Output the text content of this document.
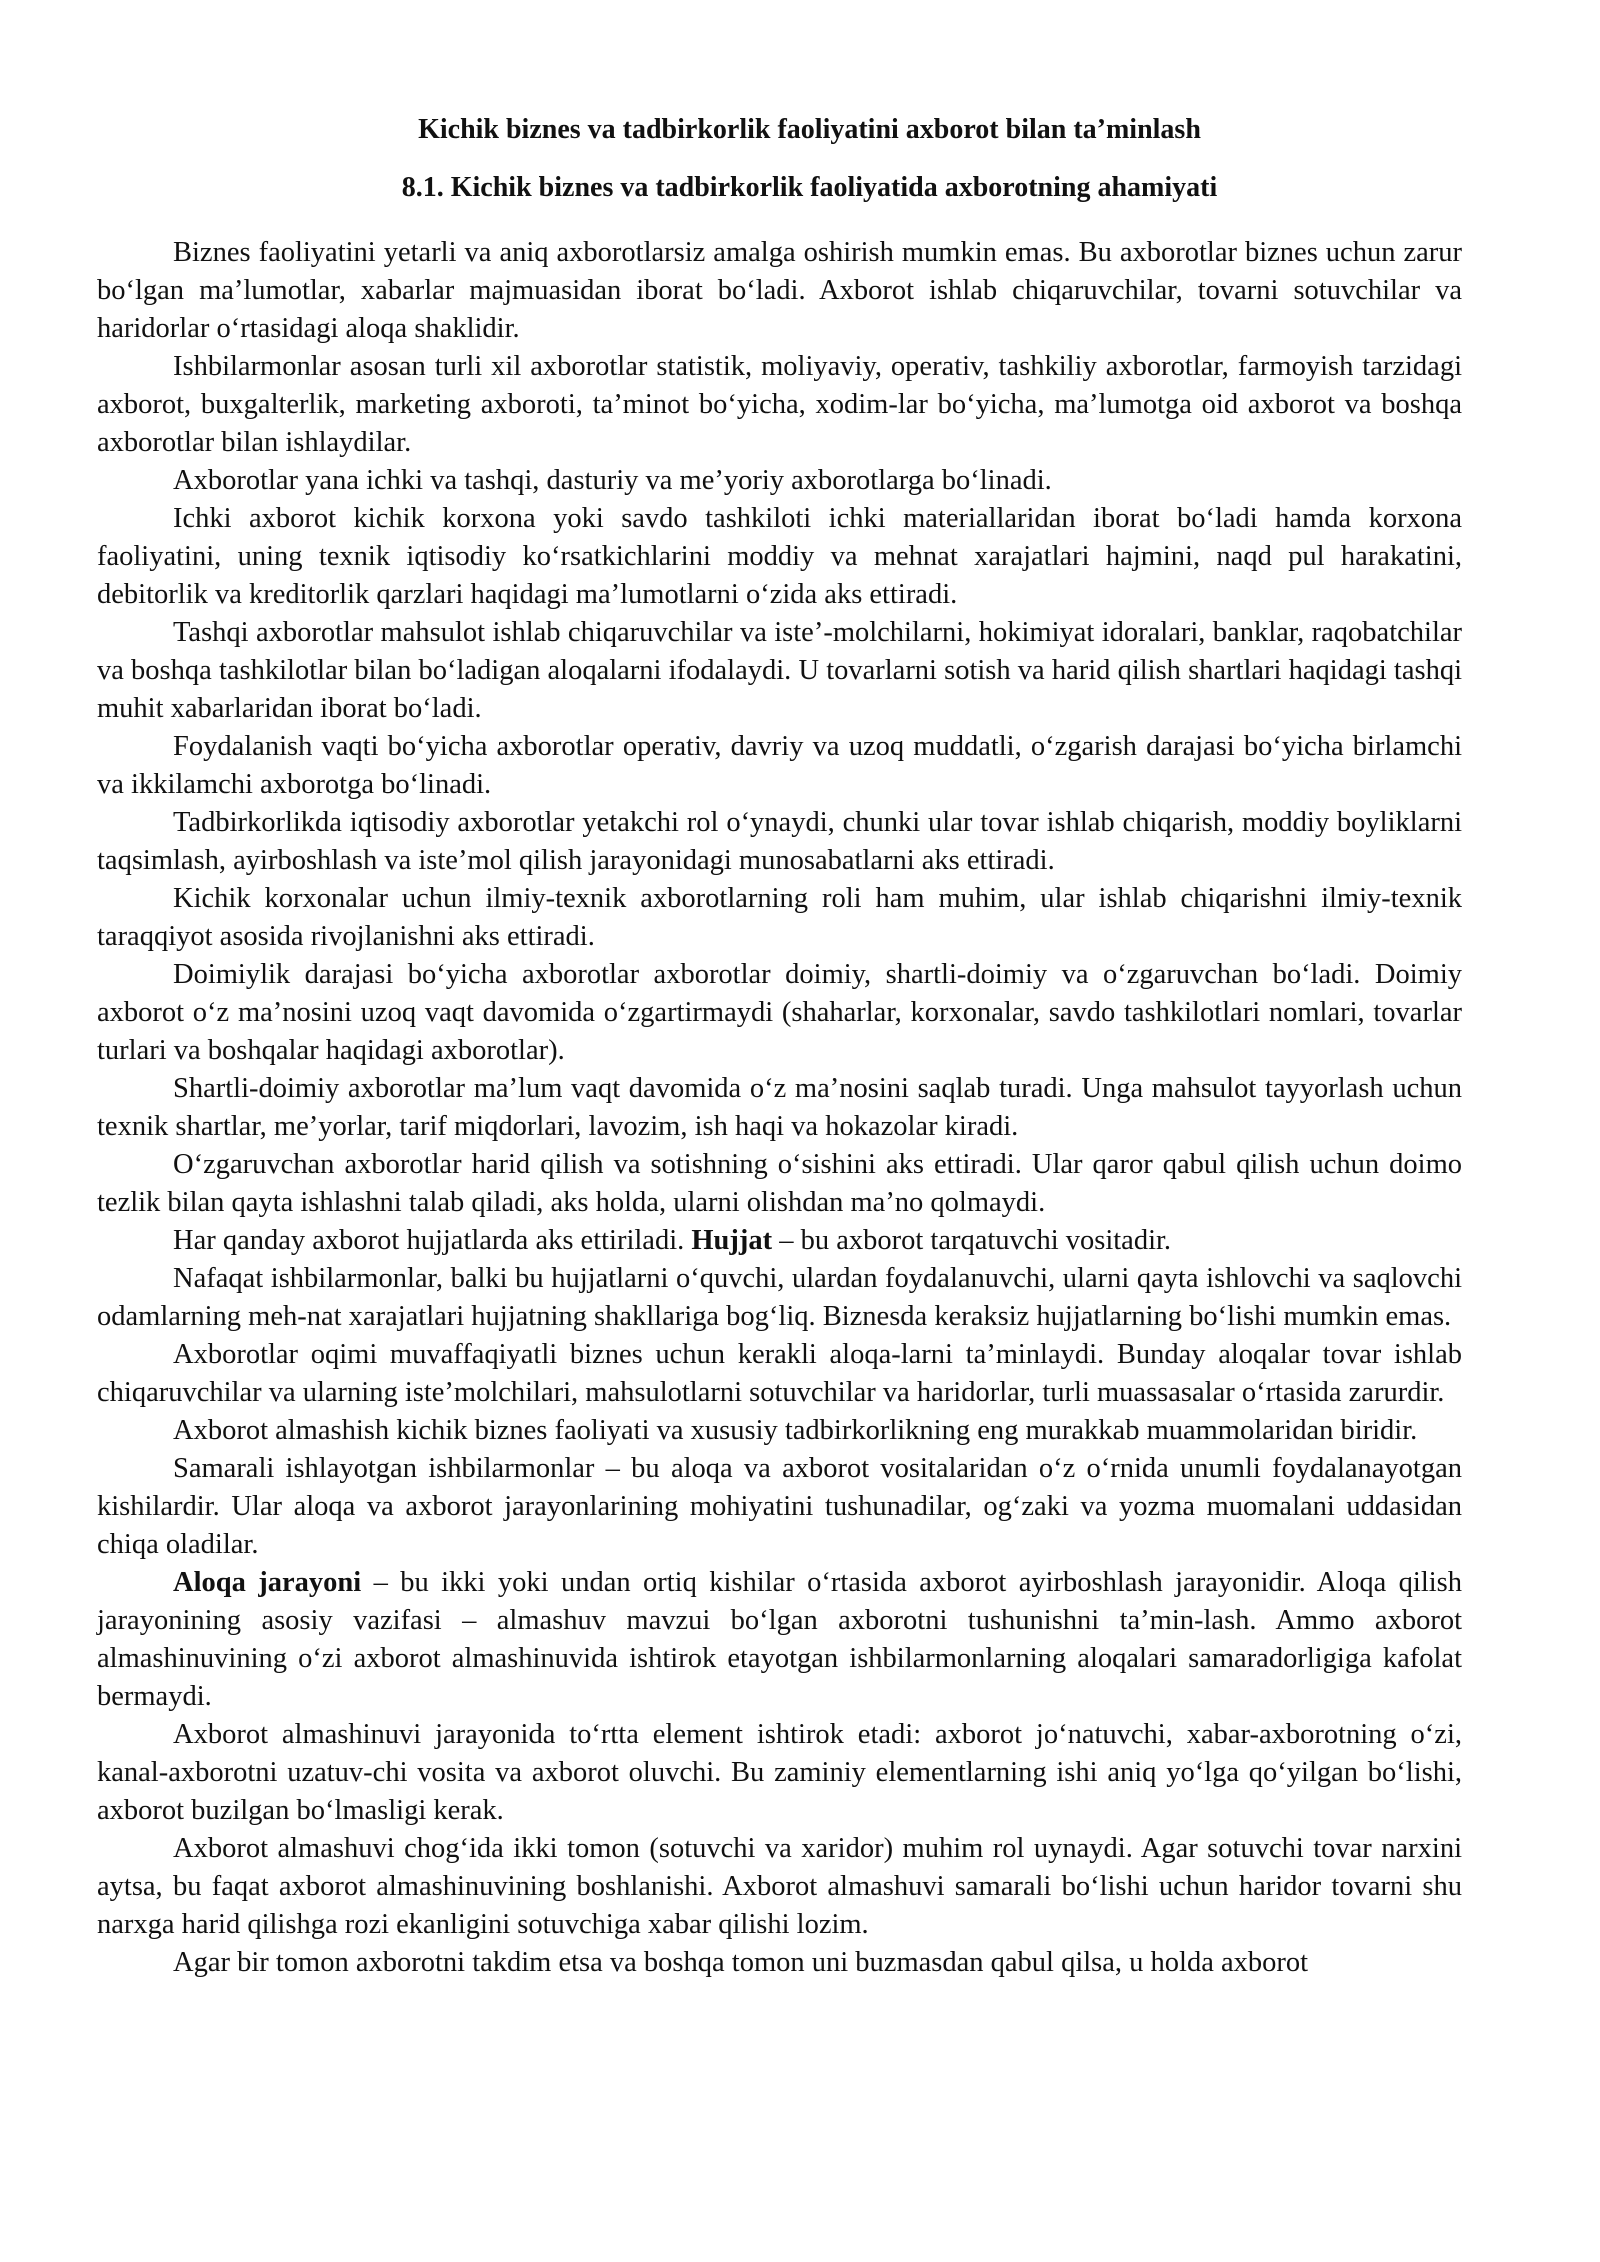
Kichik biznes va tadbirkorlik faoliyatini axborot bilan ta’minlash
8.1. Kichik biznes va tadbirkorlik faoliyatida axborotning ahamiyati

Biznes faoliyatini yetarli va aniq axborotlarsiz amalga oshirish mumkin emas. Bu axborotlar biznes uchun zarur bo‘lgan ma’lumotlar, xabarlar majmuasidan iborat bo‘ladi. Axborot ishlab chiqaruvchilar, tovarni sotuvchilar va haridorlar o‘rtasidagi aloqa shaklidir.

Ishbilarmonlar asosan turli xil axborotlar statistik, moliyaviy, operativ, tashkiliy axborotlar, farmoyish tarzidagi axborot, buxgalterlik, marketing axboroti, ta’minot bo‘yicha, xodim-lar bo‘yicha, ma’lumotga oid axborot va boshqa axborotlar bilan ishlaydilar.

Axborotlar yana ichki va tashqi, dasturiy va me’yoriy axborotlarga bo‘linadi.

Ichki axborot kichik korxona yoki savdo tashkiloti ichki materiallaridan iborat bo‘ladi hamda korxona faoliyatini, uning texnik iqtisodiy ko‘rsatkichlarini moddiy va mehnat xarajatlari hajmini, naqd pul harakatini, debitorlik va kreditorlik qarzlari haqidagi ma’lumotlarni o‘zida aks ettiradi.

Tashqi axborotlar mahsulot ishlab chiqaruvchilar va iste’-molchilarni, hokimiyat idoralari, banklar, raqobatchilar va boshqa tashkilotlar bilan bo‘ladigan aloqalarni ifodalaydi. U tovarlarni sotish va harid qilish shartlari haqidagi tashqi muhit xabarlaridan iborat bo‘ladi.

Foydalanish vaqti bo‘yicha axborotlar operativ, davriy va uzoq muddatli, o‘zgarish darajasi bo‘yicha birlamchi va ikkilamchi axborotga bo‘linadi.

Tadbirkorlikda iqtisodiy axborotlar yetakchi rol o‘ynaydi, chunki ular tovar ishlab chiqarish, moddiy boyliklarni taqsimlash, ayirboshlash va iste’mol qilish jarayonidagi munosabatlarni aks ettiradi.

Kichik korxonalar uchun ilmiy-texnik axborotlarning roli ham muhim, ular ishlab chiqarishni ilmiy-texnik taraqqiyot asosida rivojlanishni aks ettiradi.

Doimiylik darajasi bo‘yicha axborotlar axborotlar doimiy, shartli-doimiy va o‘zgaruvchan bo‘ladi. Doimiy axborot o‘z ma’nosini uzoq vaqt davomida o‘zgartirmaydi (shaharlar, korxonalar, savdo tashkilotlari nomlari, tovarlar turlari va boshqalar haqidagi axborotlar).

Shartli-doimiy axborotlar ma’lum vaqt davomida o‘z ma’nosini saqlab turadi. Unga mahsulot tayyorlash uchun texnik shartlar, me’yorlar, tarif miqdorlari, lavozim, ish haqi va hokazolar kiradi.

O‘zgaruvchan axborotlar harid qilish va sotishning o‘sishini aks ettiradi. Ular qaror qabul qilish uchun doimo tezlik bilan qayta ishlashni talab qiladi, aks holda, ularni olishdan ma’no qolmaydi.

Har qanday axborot hujjatlarda aks ettiriladi. Hujjat – bu axborot tarqatuvchi vositadir.

Nafaqat ishbilarmonlar, balki bu hujjatlarni o‘quvchi, ulardan foydalanuvchi, ularni qayta ishlovchi va saqlovchi odamlarning meh-nat xarajatlari hujjatning shakllariga bog‘liq. Biznesda keraksiz hujjatlarning bo‘lishi mumkin emas.

Axborotlar oqimi muvaffaqiyatli biznes uchun kerakli aloqa-larni ta’minlaydi. Bunday aloqalar tovar ishlab chiqaruvchilar va ularning iste’molchilari, mahsulotlarni sotuvchilar va haridorlar, turli muassasalar o‘rtasida zarurdir.

Axborot almashish kichik biznes faoliyati va xususiy tadbirkorlikning eng murakkab muammolaridan biridir.

Samarali ishlayotgan ishbilarmonlar – bu aloqa va axborot vositalaridan o‘z o‘rnida unumli foydalanayotgan kishilardir. Ular aloqa va axborot jarayonlarining mohiyatini tushunadilar, og‘zaki va yozma muomalani uddasidan chiqa oladilar.

Aloqa jarayoni – bu ikki yoki undan ortiq kishilar o‘rtasida axborot ayirboshlash jarayonidir. Aloqa qilish jarayonining asosiy vazifasi – almashuv mavzui bo‘lgan axborotni tushunishni ta’min-lash. Ammo axborot almashinuvining o‘zi axborot almashinuvida ishtirok etayotgan ishbilarmonlarning aloqalari samaradorligiga kafolat bermaydi.

Axborot almashinuvi jarayonida to‘rtta element ishtirok etadi: axborot jo‘natuvchi, xabar-axborotning o‘zi, kanal-axborotni uzatuv-chi vosita va axborot oluvchi. Bu zaminiy elementlarning ishi aniq yo‘lga qo‘yilgan bo‘lishi, axborot buzilgan bo‘lmasligi kerak.

Axborot almashuvi chog‘ida ikki tomon (sotuvchi va xaridor) muhim rol uynaydi. Agar sotuvchi tovar narxini aytsa, bu faqat axborot almashinuvining boshlanishi. Axborot almashuvi samarali bo‘lishi uchun haridor tovarni shu narxga harid qilishga rozi ekanligini sotuvchiga xabar qilishi lozim.

Agar bir tomon axborotni takdim etsa va boshqa tomon uni buzmasdan qabul qilsa, u holda axborot
